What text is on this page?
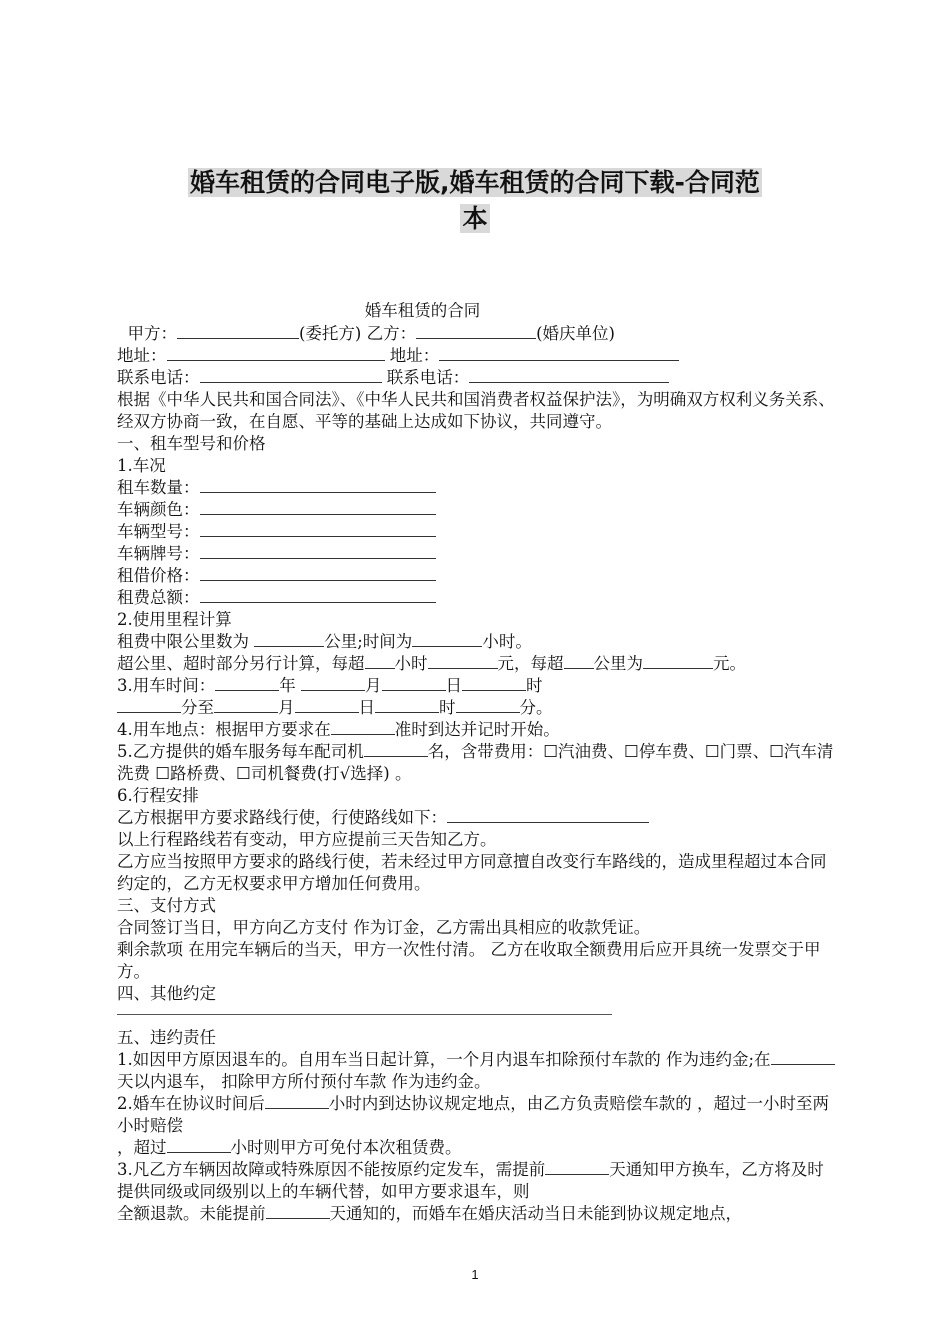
婚车租赁的合同电子版,婚车租赁的合同下载-合同范
本
婚车租赁的合同
甲方：	(委托方) 乙方：	(婚庆单位)
地址：	地址：
联系电话：	联系电话：
根据《中华人民共和国合同法》、《中华人民共和国消费者权益保护法》，为明确双方权利义务关系、经双方协商一致，在自愿、平等的基础上达成如下协议，共同遵守。
一、租车型号和价格
1.车况
租车数量：
车辆颜色：
车辆型号：
车辆牌号：
租借价格：
租费总额：
2.使用里程计算
租费中限公里数为	公里;时间为	小时。
超公里、超时部分另行计算，每超 小时	元，每超 公里为	元。
3.用车时间：	年	月	日	时
分至	月	日	时	分。
4.用车地点：根据甲方要求在	准时到达并记时开始。
5.乙方提供的婚车服务每车配司机	名，含带费用：☐汽油费、☐停车费、☐门票、☐汽车清洗费 ☐路桥费、☐司机餐费(打√选择) 。
6.行程安排
乙方根据甲方要求路线行使，行使路线如下：
以上行程路线若有变动，甲方应提前三天告知乙方。
乙方应当按照甲方要求的路线行使，若未经过甲方同意擅自改变行车路线的，造成里程超过本合同约定的，乙方无权要求甲方增加任何费用。
三、支付方式
合同签订当日，甲方向乙方支付 作为订金，乙方需出具相应的收款凭证。
剩余款项 在用完车辆后的当天，甲方一次性付清。 乙方在收取全额费用后应开具统一发票交于甲方。
四、其他约定
五、违约责任
1.如因甲方原因退车的。自用车当日起计算，一个月内退车扣除预付车款的 作为违约金;在天以内退车， 扣除甲方所付预付车款 作为违约金。
2.婚车在协议时间后	小时内到达协议规定地点，由乙方负责赔偿车款的 ，超过一小时至两小时赔偿
，超过	小时则甲方可免付本次租赁费。
3.凡乙方车辆因故障或特殊原因不能按原约定发车，需提前	天通知甲方换车，乙方将及时提供同级或同级别以上的车辆代替，如甲方要求退车，则
全额退款。未能提前	天通知的，而婚车在婚庆活动当日未能到协议规定地点，
1
